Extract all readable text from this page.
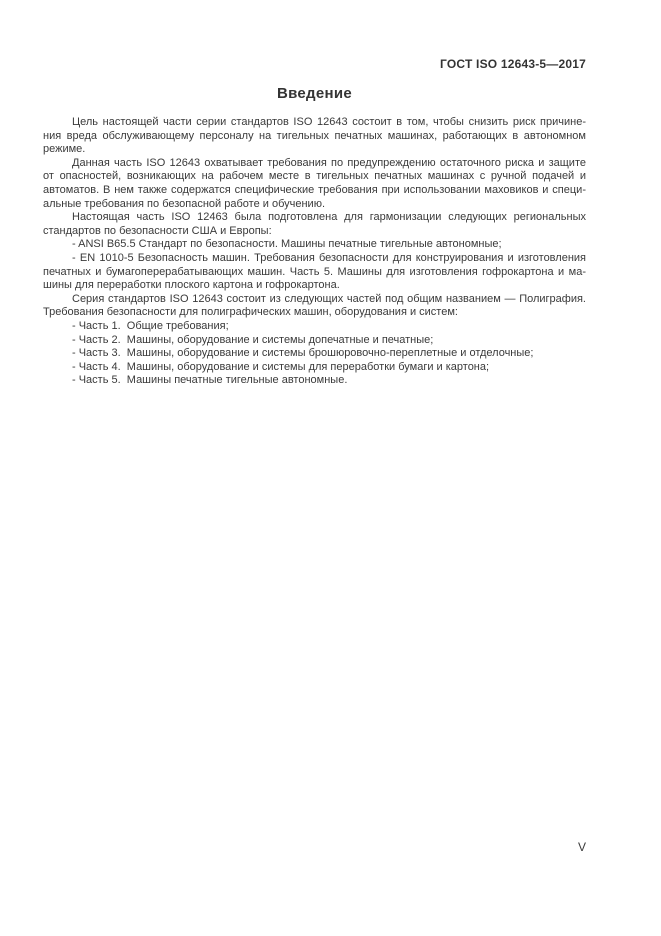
ГОСТ ISO 12643-5—2017
Введение
Цель настоящей части серии стандартов ISO 12643 состоит в том, чтобы снизить риск причине-
ния вреда обслуживающему персоналу на тигельных печатных машинах, работающих в автономном
режиме.
Данная часть ISO 12643 охватывает требования по предупреждению остаточного риска и защите
от опасностей, возникающих на рабочем месте в тигельных печатных машинах с ручной подачей и
автоматов. В нем также содержатся специфические требования при использовании маховиков и специ-
альные требования по безопасной работе и обучению.
Настоящая часть ISO 12463 была подготовлена для гармонизации следующих региональных
стандартов по безопасности США и Европы:
- ANSI B65.5 Стандарт по безопасности. Машины печатные тигельные автономные;
- EN 1010-5 Безопасность машин. Требования безопасности для конструирования и изготовления
печатных и бумагоперерабатывающих машин. Часть 5. Машины для изготовления гофрокартона и ма-
шины для переработки плоского картона и гофрокартона.
Серия стандартов ISO 12643 состоит из следующих частей под общим названием — Полиграфия.
Требования безопасности для полиграфических машин, оборудования и систем:
- Часть 1.  Общие требования;
- Часть 2.  Машины, оборудование и системы допечатные и печатные;
- Часть 3.  Машины, оборудование и системы брошюровочно-переплетные и отделочные;
- Часть 4.  Машины, оборудование и системы для переработки бумаги и картона;
- Часть 5.  Машины печатные тигельные автономные.
V
